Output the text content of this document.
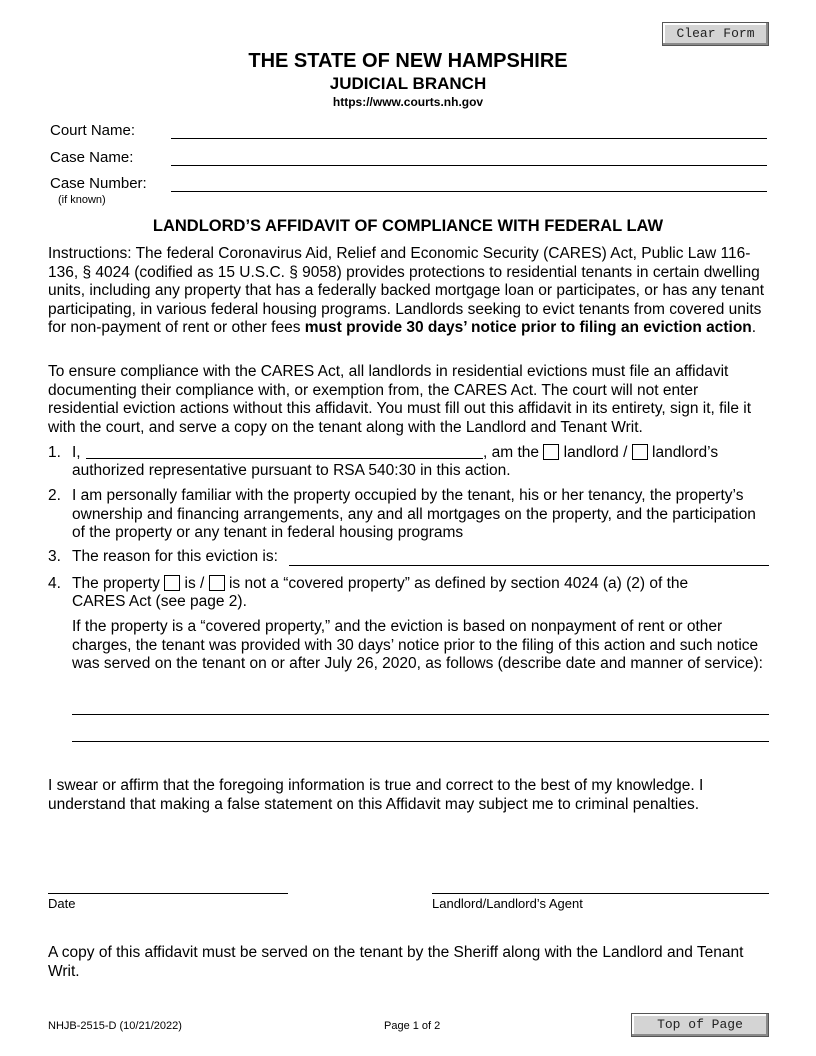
Clear Form
THE STATE OF NEW HAMPSHIRE
JUDICIAL BRANCH
https://www.courts.nh.gov
Court Name:
Case Name:
Case Number:
(if known)
LANDLORD’S AFFIDAVIT OF COMPLIANCE WITH FEDERAL LAW
Instructions: The federal Coronavirus Aid, Relief and Economic Security (CARES) Act, Public Law 116-136, § 4024 (codified as 15 U.S.C. § 9058) provides protections to residential tenants in certain dwelling units, including any property that has a federally backed mortgage loan or participates, or has any tenant participating, in various federal housing programs. Landlords seeking to evict tenants from covered units for non-payment of rent or other fees must provide 30 days’ notice prior to filing an eviction action.
To ensure compliance with the CARES Act, all landlords in residential evictions must file an affidavit documenting their compliance with, or exemption from, the CARES Act. The court will not enter residential eviction actions without this affidavit. You must fill out this affidavit in its entirety, sign it, file it with the court, and serve a copy on the tenant along with the Landlord and Tenant Writ.
1. I,	, am the landlord / landlord’s
authorized representative pursuant to RSA 540:30 in this action.
2. I am personally familiar with the property occupied by the tenant, his or her tenancy, the property’s ownership and financing arrangements, any and all mortgages on the property, and the participation of the property or any tenant in federal housing programs
3. The reason for this eviction is:
4. The property is / is not a “covered property” as defined by section 4024 (a) (2) of the
CARES Act (see page 2).
If the property is a “covered property,” and the eviction is based on nonpayment of rent or other charges, the tenant was provided with 30 days’ notice prior to the filing of this action and such notice was served on the tenant on or after July 26, 2020, as follows (describe date and manner of service):
I swear or affirm that the foregoing information is true and correct to the best of my knowledge. I understand that making a false statement on this Affidavit may subject me to criminal penalties.
Date	Landlord/Landlord’s Agent
A copy of this affidavit must be served on the tenant by the Sheriff along with the Landlord and Tenant Writ.
NHJB-2515-D (10/21/2022)	Page 1 of 2	Top of Page
